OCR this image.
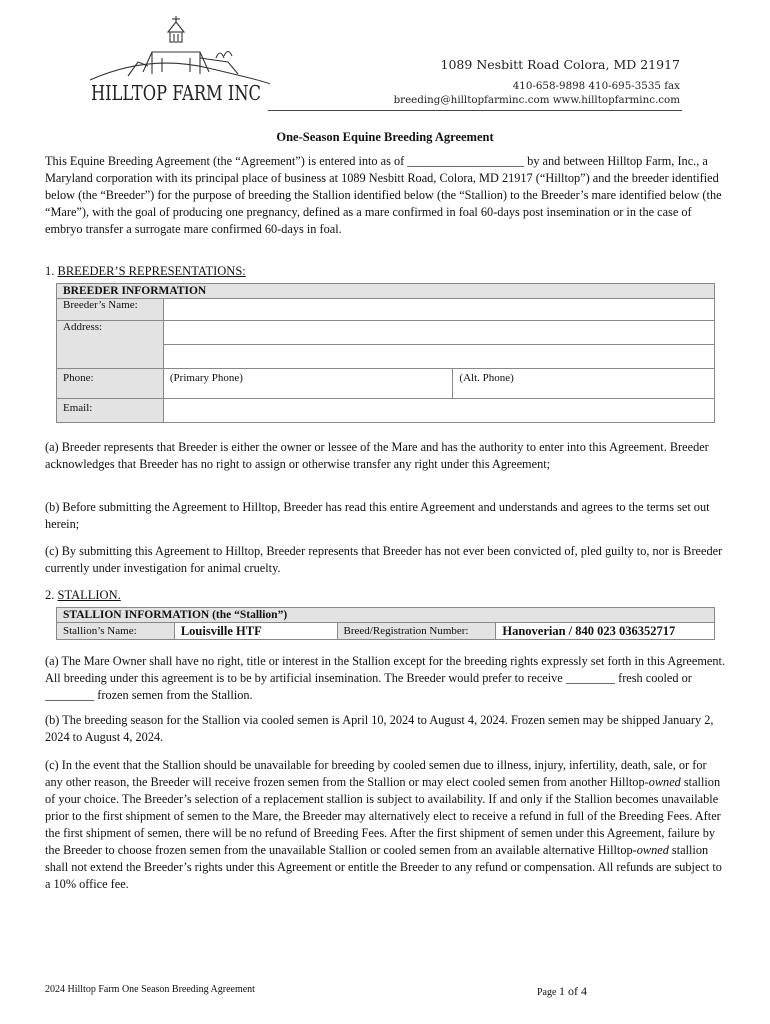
HILLTOP FARM INC
1089 Nesbitt Road Colora, MD 21917
410-658-9898 410-695-3535 fax
breeding@hilltopfarminc.com www.hilltopfarminc.com
One-Season Equine Breeding Agreement

This Equine Breeding Agreement (the “Agreement”) is entered into as of ___________________ by and between Hilltop Farm, Inc., a Maryland corporation with its principal place of business at 1089 Nesbitt Road, Colora, MD 21917 (“Hilltop”) and the breeder identified below (the “Breeder”) for the purpose of breeding the Stallion identified below (the “Stallion) to the Breeder’s mare identified below (the “Mare”), with the goal of producing one pregnancy, defined as a mare confirmed in foal 60-days post insemination or in the case of embryo transfer a surrogate mare confirmed 60-days in foal.

1. BREEDER’S REPRESENTATIONS:
BREEDER INFORMATION		
Breeder’s Name:		
Address:		

Phone:	(Primary Phone)	(Alt. Phone)
Email:		

(a) Breeder represents that Breeder is either the owner or lessee of the Mare and has the authority to enter into this Agreement. Breeder acknowledges that Breeder has no right to assign or otherwise transfer any right under this Agreement;

(b) Before submitting the Agreement to Hilltop, Breeder has read this entire Agreement and understands and agrees to the terms set out herein;

(c) By submitting this Agreement to Hilltop, Breeder represents that Breeder has not ever been convicted of, pled guilty to, nor is Breeder currently under investigation for animal cruelty.

2. STALLION.
STALLION INFORMATION (the “Stallion”)
Stallion’s Name:	Louisville HTF	Breed/Registration Number:	Hanoverian / 840 023 036352717

(a) The Mare Owner shall have no right, title or interest in the Stallion except for the breeding rights expressly set forth in this Agreement. All breeding under this agreement is to be by artificial insemination. The Breeder would prefer to receive ________ fresh cooled or ________ frozen semen from the Stallion.

(b) The breeding season for the Stallion via cooled semen is April 10, 2024 to August 4, 2024. Frozen semen may be shipped January 2, 2024 to August 4, 2024.

(c) In the event that the Stallion should be unavailable for breeding by cooled semen due to illness, injury, infertility, death, sale, or for any other reason, the Breeder will receive frozen semen from the Stallion or may elect cooled semen from another Hilltop-owned stallion of your choice. The Breeder’s selection of a replacement stallion is subject to availability. If and only if the Stallion becomes unavailable prior to the first shipment of semen to the Mare, the Breeder may alternatively elect to receive a refund in full of the Breeding Fees. After the first shipment of semen, there will be no refund of Breeding Fees. After the first shipment of semen under this Agreement, failure by the Breeder to choose frozen semen from the unavailable Stallion or cooled semen from an available alternative Hilltop-owned stallion shall not extend the Breeder’s rights under this Agreement or entitle the Breeder to any refund or compensation. All refunds are subject to a 10% office fee.

2024 Hilltop Farm One Season Breeding Agreement	Page 1 of 4
